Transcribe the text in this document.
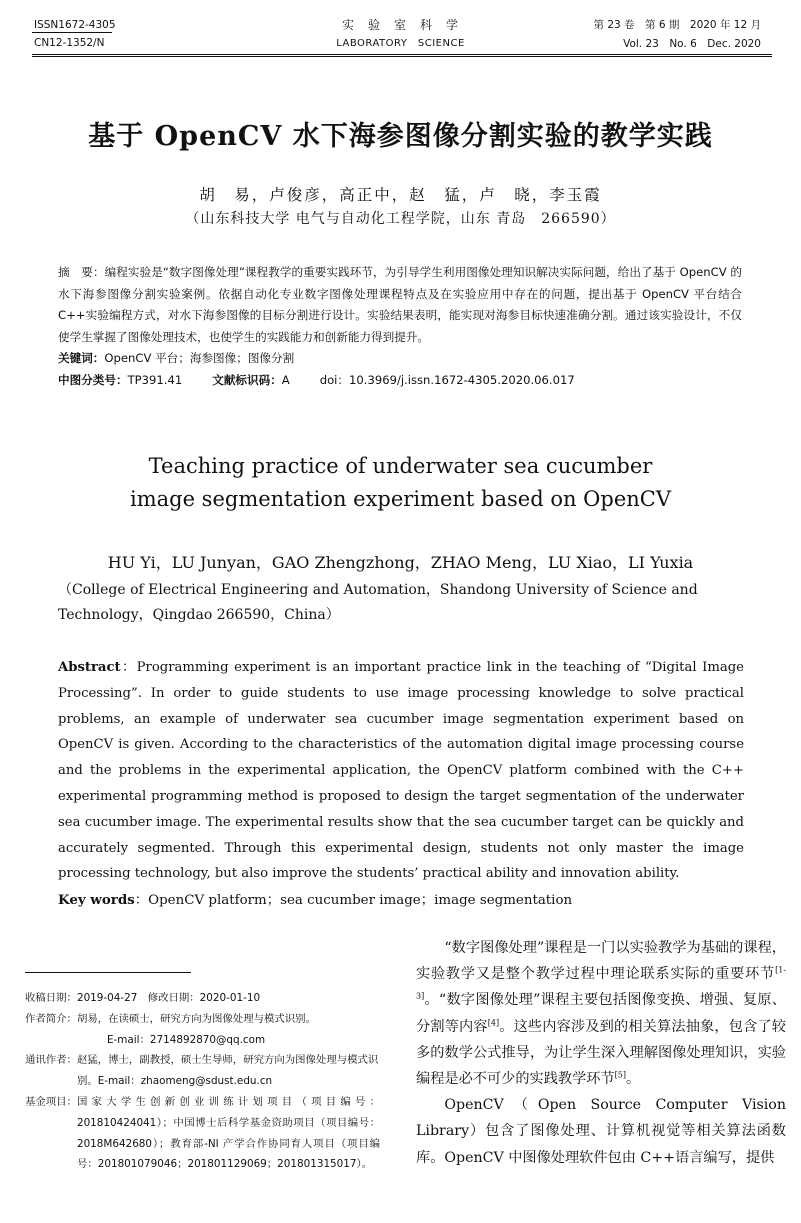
ISSN1672-4305
CN12-1352/N
实　验　室　科　学
LABORATORY　SCIENCE
第 23 卷　第 6 期　2020 年 12 月
Vol. 23　No. 6　Dec. 2020
基于 OpenCV 水下海参图像分割实验的教学实践
胡　易，卢俊彦，高正中，赵　猛，卢　晓，李玉霞
（山东科技大学 电气与自动化工程学院，山东 青岛　266590）
摘　要：编程实验是“数字图像处理”课程教学的重要实践环节，为引导学生利用图像处理知识解决实际问题，给出了基于 OpenCV 的水下海参图像分割实验案例。依据自动化专业数字图像处理课程特点及在实验应用中存在的问题，提出基于 OpenCV 平台结合 C++实验编程方式，对水下海参图像的目标分割进行设计。实验结果表明，能实现对海参目标快速准确分割。通过该实验设计，不仅使学生掌握了图像处理技术，也使学生的实践能力和创新能力得到提升。
关键词：OpenCV 平台；海参图像；图像分割
中图分类号：TP391.41	文献标识码：A	doi：10.3969/j.issn.1672-4305.2020.06.017
Teaching practice of underwater sea cucumber
image segmentation experiment based on OpenCV
HU Yi，LU Junyan，GAO Zhengzhong，ZHAO Meng，LU Xiao，LI Yuxia
（College of Electrical Engineering and Automation，Shandong University of Science and Technology，Qingdao 266590，China）
Abstract：Programming experiment is an important practice link in the teaching of “Digital Image Processing”. In order to guide students to use image processing knowledge to solve practical problems, an example of underwater sea cucumber image segmentation experiment based on OpenCV is given. According to the characteristics of the automation digital image processing course and the problems in the experimental application, the OpenCV platform combined with the C++ experimental programming method is proposed to design the target segmentation of the underwater sea cucumber image. The experimental results show that the sea cucumber target can be quickly and accurately segmented. Through this experimental design, students not only master the image processing technology, but also improve the students’ practical ability and innovation ability.
Key words：OpenCV platform；sea cucumber image；image segmentation
收稿日期：2019-04-27　修改日期：2020-01-10
作者简介： 胡易，在读硕士，研究方向为图像处理与模式识别。
E-mail：2714892870@qq.com
通讯作者： 赵猛，博士，副教授，硕士生导师，研究方向为图像处理与模式识别。E-mail：zhaomeng@sdust.edu.cn
基金项目： 国家大学生创新创业训练计划项目（项目编号：201810424041）；中国博士后科学基金资助项目（项目编号：2018M642680）；教育部-NI 产学合作协同育人项目（项目编号：201801079046；201801129069；201801315017）。

“数字图像处理”课程是一门以实验教学为基础的课程，实验教学又是整个教学过程中理论联系实际的重要环节[1-3]。“数字图像处理”课程主要包括图像变换、增强、复原、分割等内容[4]。这些内容涉及到的相关算法抽象，包含了较多的数学公式推导，为让学生深入理解图像处理知识，实验编程是必不可少的实践教学环节[5]。

OpenCV（Open Source Computer Vision Library）包含了图像处理、计算机视觉等相关算法函数库。OpenCV 中图像处理软件包由 C++语言编写，提供
